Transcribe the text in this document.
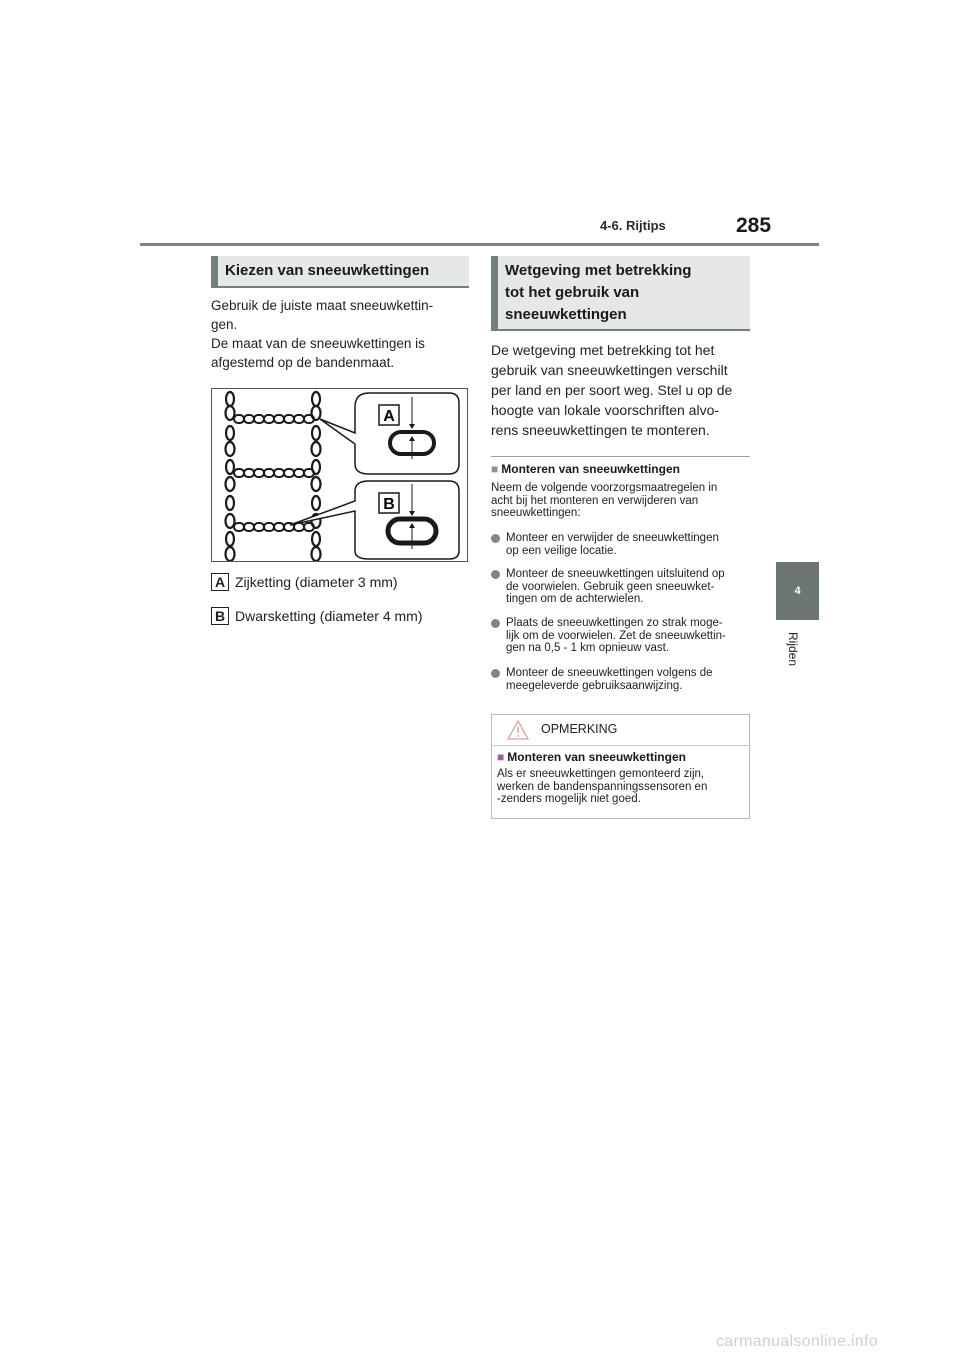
4-6. Rijtips	285
4
Rijden
Kiezen van sneeuwkettingen
Gebruik de juiste maat sneeuwkettin-
gen.
De maat van de sneeuwkettingen is
afgestemd op de bandenmaat.
A
B
A Zijketting (diameter 3 mm)
B Dwarsketting (diameter 4 mm)
Wetgeving met betrekking
tot het gebruik van
sneeuwkettingen
De wetgeving met betrekking tot het
gebruik van sneeuwkettingen verschilt
per land en per soort weg. Stel u op de
hoogte van lokale voorschriften alvo-
rens sneeuwkettingen te monteren.
■ Monteren van sneeuwkettingen
Neem de volgende voorzorgsmaatregelen in
acht bij het monteren en verwijderen van
sneeuwkettingen:
Monteer en verwijder de sneeuwkettingen
op een veilige locatie.
Monteer de sneeuwkettingen uitsluitend op
de voorwielen. Gebruik geen sneeuwket-
tingen om de achterwielen.
Plaats de sneeuwkettingen zo strak moge-
lijk om de voorwielen. Zet de sneeuwkettin-
gen na 0,5 - 1 km opnieuw vast.
Monteer de sneeuwkettingen volgens de
meegeleverde gebruiksaanwijzing.
OPMERKING
■ Monteren van sneeuwkettingen
Als er sneeuwkettingen gemonteerd zijn,
werken de bandenspanningssensoren en
-zenders mogelijk niet goed.
carmanualsonline.info
